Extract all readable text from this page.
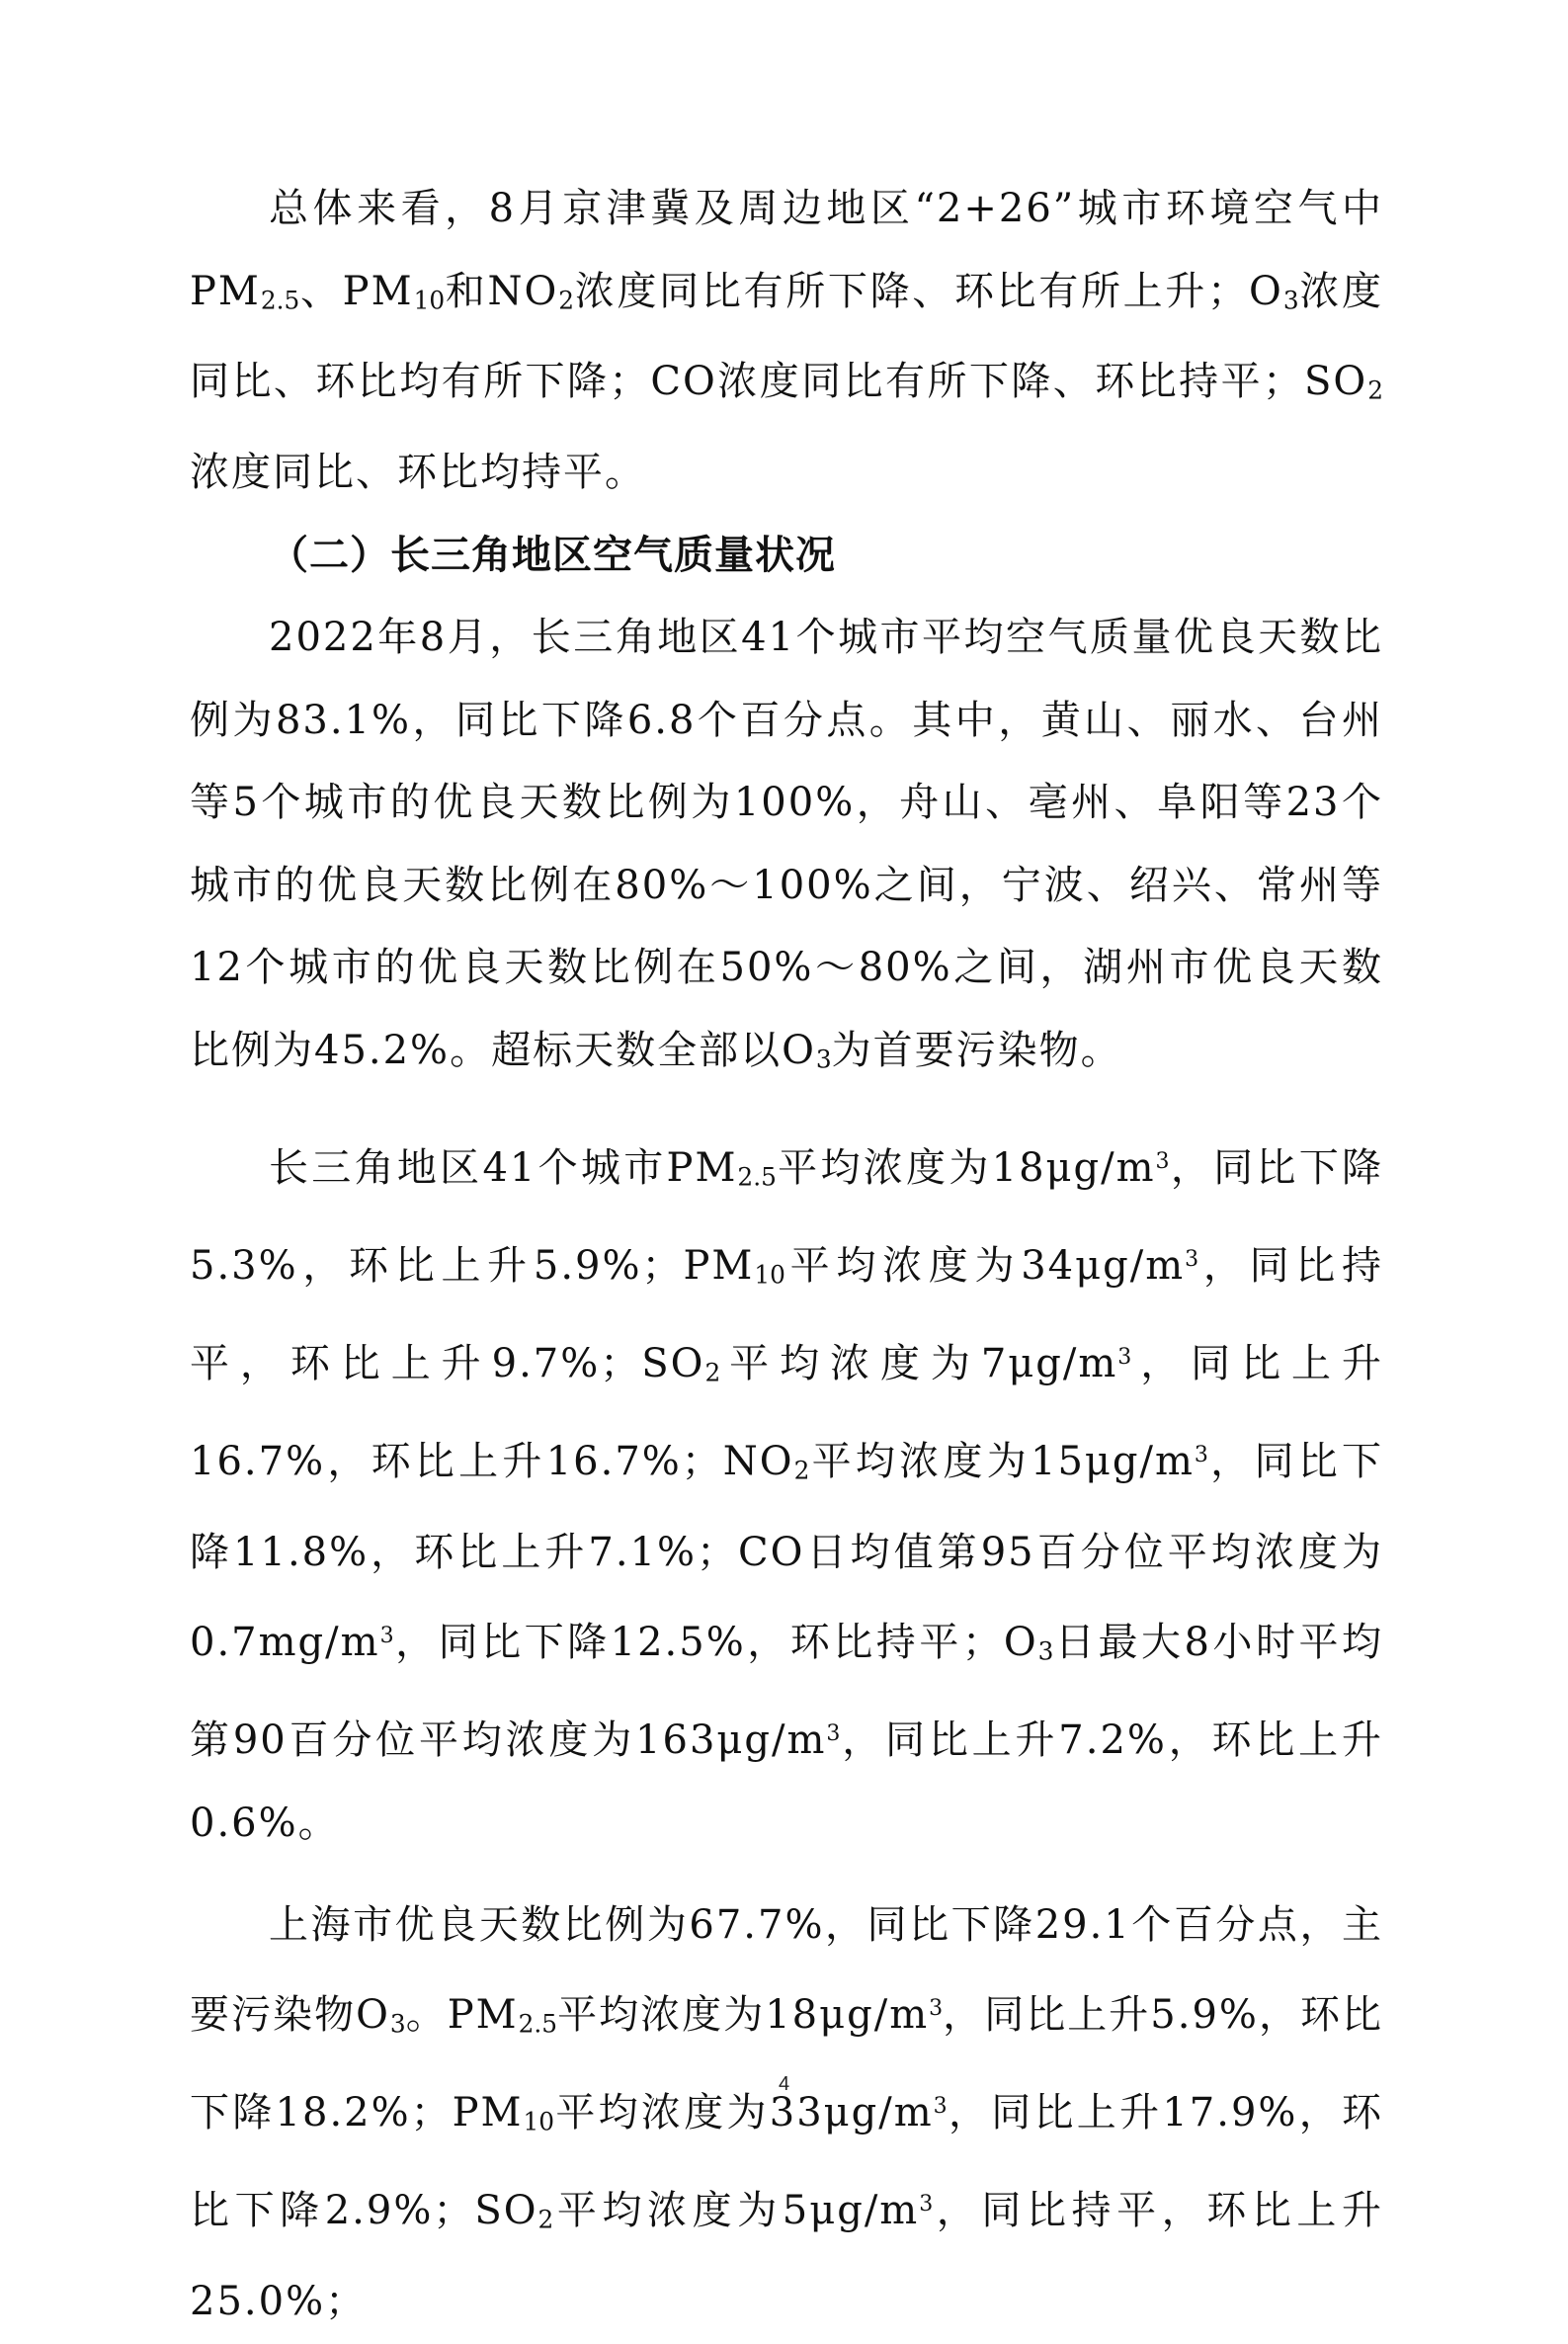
总体来看，8月京津冀及周边地区“2+26”城市环境空气中PM2.5、PM10和NO2浓度同比有所下降、环比有所上升；O3浓度同比、环比均有所下降；CO浓度同比有所下降、环比持平；SO2浓度同比、环比均持平。

（二）长三角地区空气质量状况

2022年8月，长三角地区41个城市平均空气质量优良天数比例为83.1%，同比下降6.8个百分点。其中，黄山、丽水、台州等5个城市的优良天数比例为100%，舟山、亳州、阜阳等23个城市的优良天数比例在80%～100%之间，宁波、绍兴、常州等12个城市的优良天数比例在50%～80%之间，湖州市优良天数比例为45.2%。超标天数全部以O3为首要污染物。

长三角地区41个城市PM2.5平均浓度为$18\mu g/m^3$，同比下降5.3%，环比上升5.9%；PM10平均浓度为$34\mu g/m^3$，同比持平，环比上升9.7%；SO2平均浓度为$7\mu g/m^3$，同比上升16.7%，环比上升16.7%；NO2平均浓度为$15\mu g/m^3$，同比下降11.8%，环比上升7.1%；CO日均值第95百分位平均浓度为$0.7mg/m^3$，同比下降12.5%，环比持平；O3日最大8小时平均第90百分位平均浓度为$163\mu g/m^3$，同比上升7.2%，环比上升0.6%。

上海市优良天数比例为67.7%，同比下降29.1个百分点，主要污染物O3。PM2.5平均浓度为$18\mu g/m^3$，同比上升5.9%，环比下降18.2%；PM10平均浓度为$33\mu g/m^3$，同比上升17.9%，环比下降2.9%；SO2平均浓度为$5\mu g/m^3$，同比持平，环比上升25.0%；

4
